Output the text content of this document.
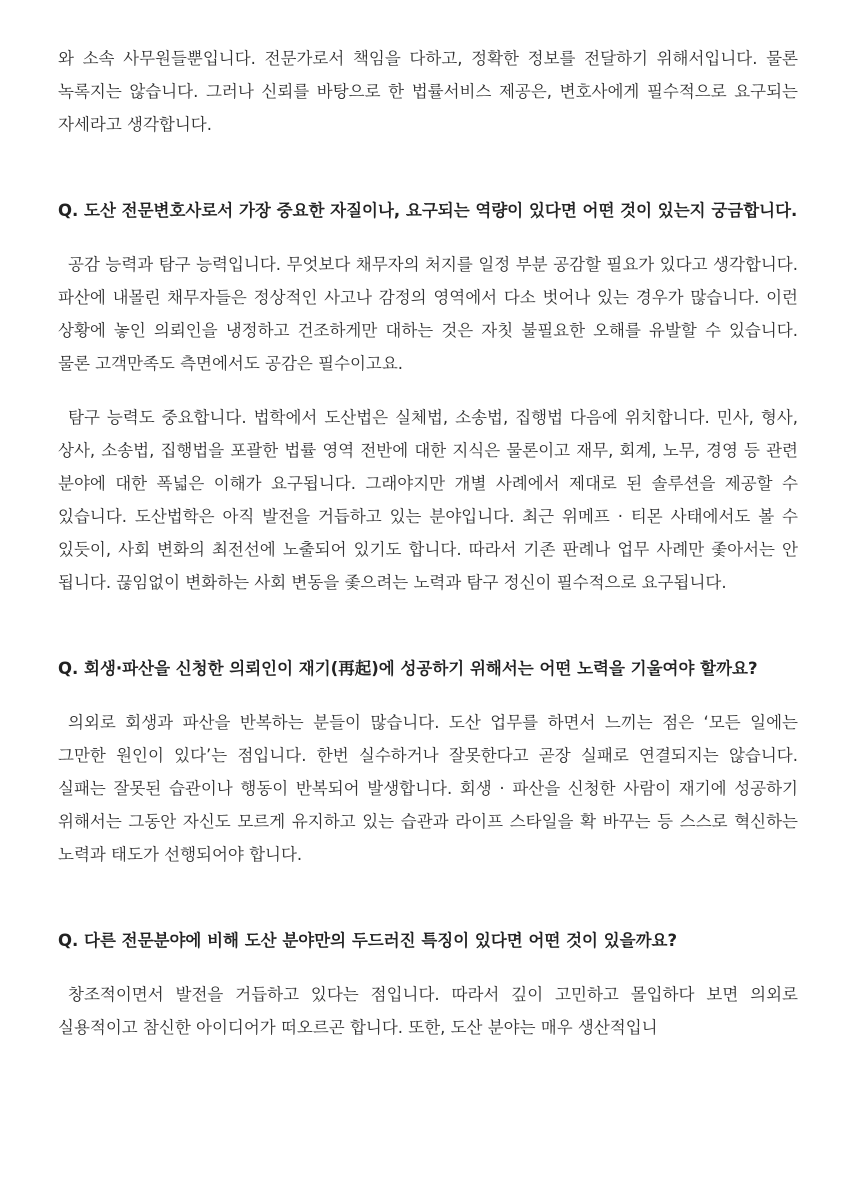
와 소속 사무원들뿐입니다. 전문가로서 책임을 다하고, 정확한 정보를 전달하기 위해서입니다. 물론 녹록지는 않습니다. 그러나 신뢰를 바탕으로 한 법률서비스 제공은, 변호사에게 필수적으로 요구되는 자세라고 생각합니다.

Q. 도산 전문변호사로서 가장 중요한 자질이나, 요구되는 역량이 있다면 어떤 것이 있는지 궁금합니다.

공감 능력과 탐구 능력입니다. 무엇보다 채무자의 처지를 일정 부분 공감할 필요가 있다고 생각합니다. 파산에 내몰린 채무자들은 정상적인 사고나 감정의 영역에서 다소 벗어나 있는 경우가 많습니다. 이런 상황에 놓인 의뢰인을 냉정하고 건조하게만 대하는 것은 자칫 불필요한 오해를 유발할 수 있습니다. 물론 고객만족도 측면에서도 공감은 필수이고요.

탐구 능력도 중요합니다. 법학에서 도산법은 실체법, 소송법, 집행법 다음에 위치합니다. 민사, 형사, 상사, 소송법, 집행법을 포괄한 법률 영역 전반에 대한 지식은 물론이고 재무, 회계, 노무, 경영 등 관련 분야에 대한 폭넓은 이해가 요구됩니다. 그래야지만 개별 사례에서 제대로 된 솔루션을 제공할 수 있습니다. 도산법학은 아직 발전을 거듭하고 있는 분야입니다. 최근 위메프 · 티몬 사태에서도 볼 수 있듯이, 사회 변화의 최전선에 노출되어 있기도 합니다. 따라서 기존 판례나 업무 사례만 좇아서는 안 됩니다. 끊임없이 변화하는 사회 변동을 좇으려는 노력과 탐구 정신이 필수적으로 요구됩니다.

Q. 회생·파산을 신청한 의뢰인이 재기(再起)에 성공하기 위해서는 어떤 노력을 기울여야 할까요?

의외로 회생과 파산을 반복하는 분들이 많습니다. 도산 업무를 하면서 느끼는 점은 ‘모든 일에는 그만한 원인이 있다’는 점입니다. 한번 실수하거나 잘못한다고 곧장 실패로 연결되지는 않습니다. 실패는 잘못된 습관이나 행동이 반복되어 발생합니다. 회생 · 파산을 신청한 사람이 재기에 성공하기 위해서는 그동안 자신도 모르게 유지하고 있는 습관과 라이프 스타일을 확 바꾸는 등 스스로 혁신하는 노력과 태도가 선행되어야 합니다.

Q. 다른 전문분야에 비해 도산 분야만의 두드러진 특징이 있다면 어떤 것이 있을까요?

창조적이면서 발전을 거듭하고 있다는 점입니다. 따라서 깊이 고민하고 몰입하다 보면 의외로 실용적이고 참신한 아이디어가 떠오르곤 합니다. 또한, 도산 분야는 매우 생산적입니
